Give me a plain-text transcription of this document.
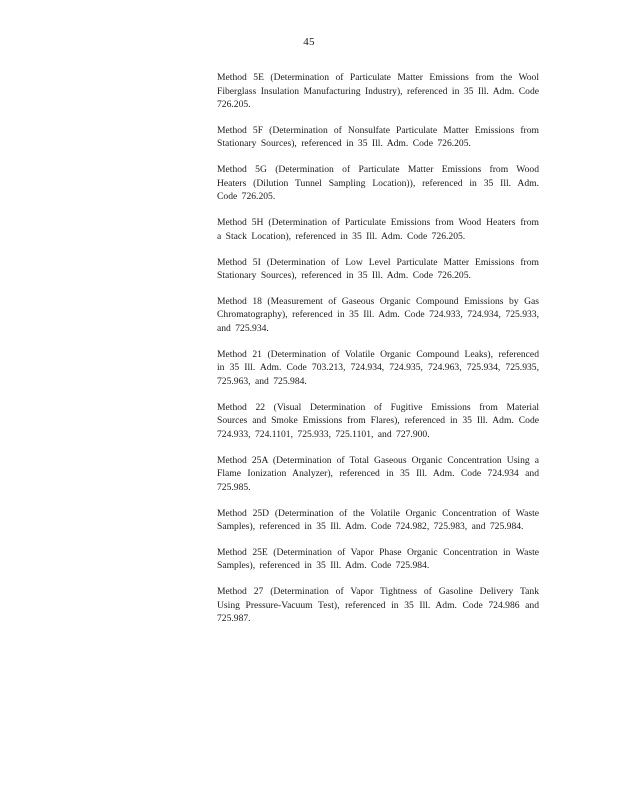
45

Method 5E (Determination of Particulate Matter Emissions from the Wool Fiberglass Insulation Manufacturing Industry), referenced in 35 Ill. Adm. Code 726.205.

Method 5F (Determination of Nonsulfate Particulate Matter Emissions from Stationary Sources), referenced in 35 Ill. Adm. Code 726.205.

Method 5G (Determination of Particulate Matter Emissions from Wood Heaters (Dilution Tunnel Sampling Location)), referenced in 35 Ill. Adm. Code 726.205.

Method 5H (Determination of Particulate Emissions from Wood Heaters from a Stack Location), referenced in 35 Ill. Adm. Code 726.205.

Method 5I (Determination of Low Level Particulate Matter Emissions from Stationary Sources), referenced in 35 Ill. Adm. Code 726.205.

Method 18 (Measurement of Gaseous Organic Compound Emissions by Gas Chromatography), referenced in 35 Ill. Adm. Code 724.933, 724.934, 725.933, and 725.934.

Method 21 (Determination of Volatile Organic Compound Leaks), referenced in 35 Ill. Adm. Code 703.213, 724.934, 724.935, 724.963, 725.934, 725.935, 725.963, and 725.984.

Method 22 (Visual Determination of Fugitive Emissions from Material Sources and Smoke Emissions from Flares), referenced in 35 Ill. Adm. Code 724.933, 724.1101, 725.933, 725.1101, and 727.900.

Method 25A (Determination of Total Gaseous Organic Concentration Using a Flame Ionization Analyzer), referenced in 35 Ill. Adm. Code 724.934 and 725.985.

Method 25D (Determination of the Volatile Organic Concentration of Waste Samples), referenced in 35 Ill. Adm. Code 724.982, 725.983, and 725.984.

Method 25E (Determination of Vapor Phase Organic Concentration in Waste Samples), referenced in 35 Ill. Adm. Code 725.984.

Method 27 (Determination of Vapor Tightness of Gasoline Delivery Tank Using Pressure-Vacuum Test), referenced in 35 Ill. Adm. Code 724.986 and 725.987.
